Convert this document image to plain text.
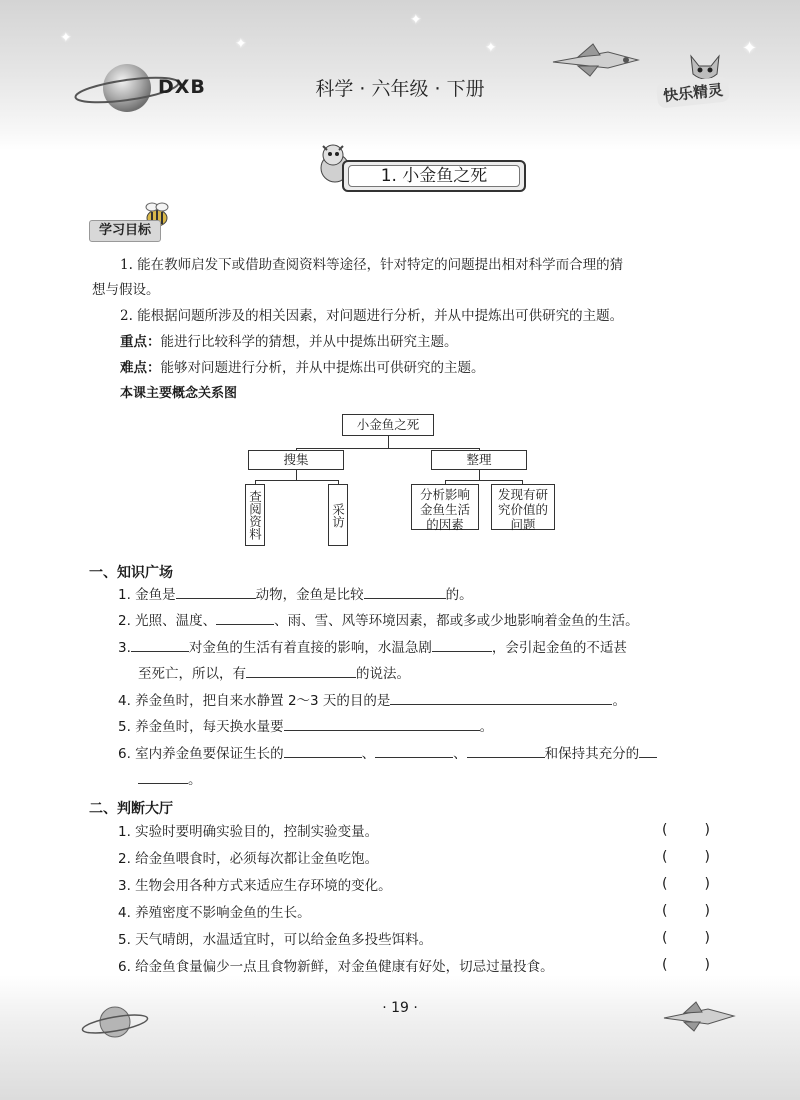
✦	✦
✦
✦	✦
DXB	科学 · 六年级 · 下册	快乐精灵
1. 小金鱼之死
学习目标
1. 能在教师启发下或借助查阅资料等途径，针对特定的问题提出相对科学而合理的猜
想与假设。
2. 能根据问题所涉及的相关因素，对问题进行分析，并从中提炼出可供研究的主题。
重点：能进行比较科学的猜想，并从中提炼出研究主题。
难点：能够对问题进行分析，并从中提炼出可供研究的主题。
本课主要概念关系图
小金鱼之死
搜集	整理
查阅资料	采访
分析影响金鱼生活的因素
发现有研究价值的问题
一、知识广场
1. 金鱼是	动物，金鱼是比较	的。
2. 光照、温度、	、雨、雪、风等环境因素，都或多或少地影响着金鱼的生活。
3.	对金鱼的生活有着直接的影响，水温急剧	，会引起金鱼的不适甚
至死亡，所以，有	的说法。
4. 养金鱼时，把自来水静置 2～3 天的目的是	。
5. 养金鱼时，每天换水量要	。
6. 室内养金鱼要保证生长的	、	、	和保持其充分的
。
二、判断大厅
1. 实验时要明确实验目的，控制实验变量。	(	)
2. 给金鱼喂食时，必须每次都让金鱼吃饱。	(	)
3. 生物会用各种方式来适应生存环境的变化。	(	)
4. 养殖密度不影响金鱼的生长。	(	)
5. 天气晴朗，水温适宜时，可以给金鱼多投些饵料。	(	)
6. 给金鱼食量偏少一点且食物新鲜，对金鱼健康有好处，切忌过量投食。	(	)
· 19 ·
